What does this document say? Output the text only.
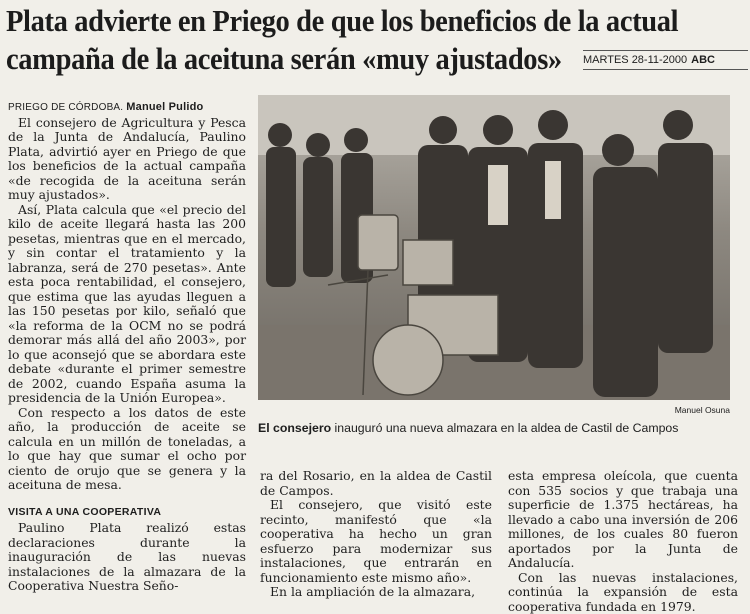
Plata advierte en Priego de que los beneficios de la actual
campaña de la aceituna serán «muy ajustados»	MARTES 28-11-2000 ABC
PRIEGO DE CÓRDOBA. Manuel Pulido

El consejero de Agricultura y Pesca de la Junta de Andalucía, Paulino Plata, advirtió ayer en Priego de que los beneficios de la actual campaña «de recogida de la aceituna serán muy ajustados».

Así, Plata calcula que «el precio del kilo de aceite llegará hasta las 200 pesetas, mientras que en el mercado, y sin contar el tratamiento y la labranza, será de 270 pesetas». Ante esta poca rentabilidad, el consejero, que estima que las ayudas lleguen a las 150 pesetas por kilo, señaló que «la reforma de la OCM no se podrá demorar más allá del año 2003», por lo que aconsejó que se abordara este debate «durante el primer semestre de 2002, cuando España asuma la presidencia de la Unión Europea».

Con respecto a los datos de este año, la producción de aceite se calcula en un millón de toneladas, a lo que hay que sumar el ocho por ciento de orujo que se genera y la aceituna de mesa.

VISITA A UNA COOPERATIVA

Paulino Plata realizó estas declaraciones durante la inauguración de las nuevas instalaciones de la almazara de la Cooperativa Nuestra Seño-

Manuel Osuna
El consejero inauguró una nueva almazara en la aldea de Castil de Campos

ra del Rosario, en la aldea de Castil de Campos.

El consejero, que visitó este recinto, manifestó que «la cooperativa ha hecho un gran esfuerzo para modernizar sus instalaciones, que entrarán en funcionamiento este mismo año».

En la ampliación de la almazara,

esta empresa oleícola, que cuenta con 535 socios y que trabaja una superficie de 1.375 hectáreas, ha llevado a cabo una inversión de 206 millones, de los cuales 80 fueron aportados por la Junta de Andalucía.

Con las nuevas instalaciones, continúa la expansión de esta cooperativa fundada en 1979.
